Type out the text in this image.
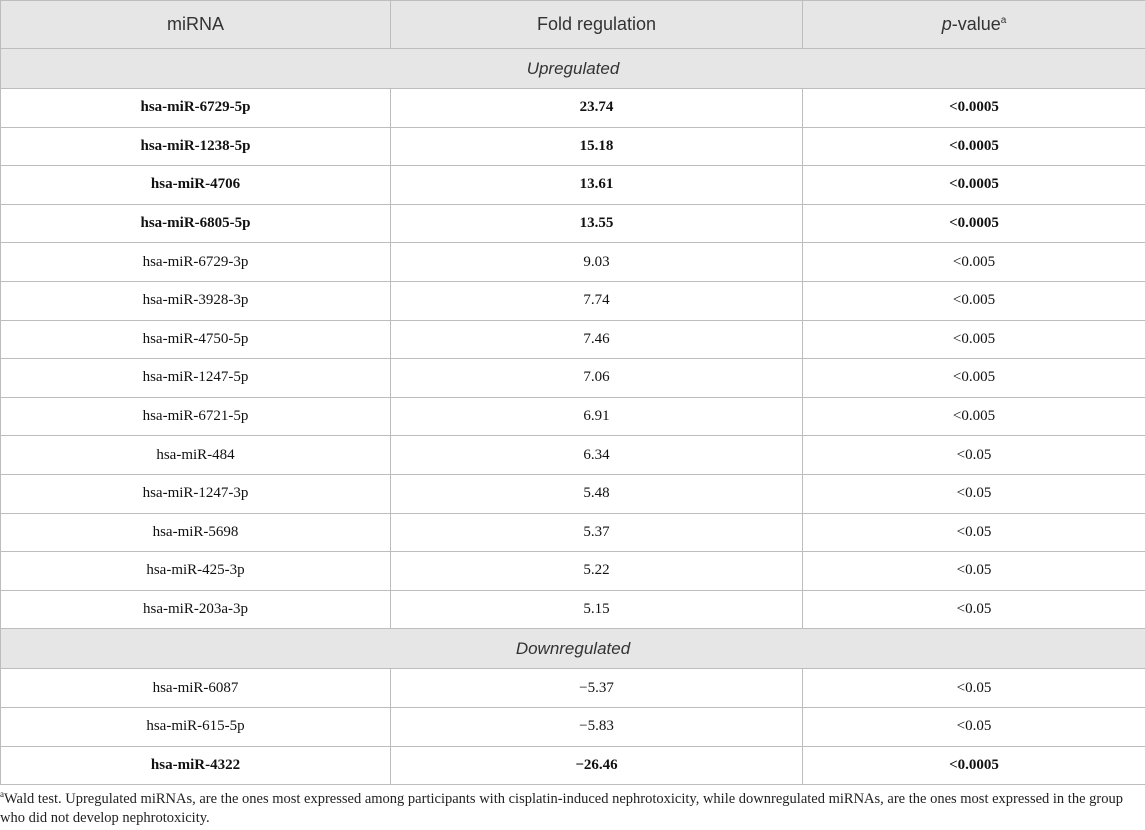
miRNA	Fold regulation	p-value$^a$
Upregulated		
hsa-miR-6729-5p	23.74	<0.0005
hsa-miR-1238-5p	15.18	<0.0005
hsa-miR-4706	13.61	<0.0005
hsa-miR-6805-5p	13.55	<0.0005
hsa-miR-6729-3p	9.03	<0.005
hsa-miR-3928-3p	7.74	<0.005
hsa-miR-4750-5p	7.46	<0.005
hsa-miR-1247-5p	7.06	<0.005
hsa-miR-6721-5p	6.91	<0.005
hsa-miR-484	6.34	<0.05
hsa-miR-1247-3p	5.48	<0.05
hsa-miR-5698	5.37	<0.05
hsa-miR-425-3p	5.22	<0.05
hsa-miR-203a-3p	5.15	<0.05
Downregulated		
hsa-miR-6087	−5.37	<0.05
hsa-miR-615-5p	−5.83	<0.05
hsa-miR-4322	−26.46	<0.0005
$^a$Wald test. Upregulated miRNAs, are the ones most expressed among participants with cisplatin-induced nephrotoxicity, while downregulated miRNAs, are the ones most expressed in the group who did not develop nephrotoxicity.
